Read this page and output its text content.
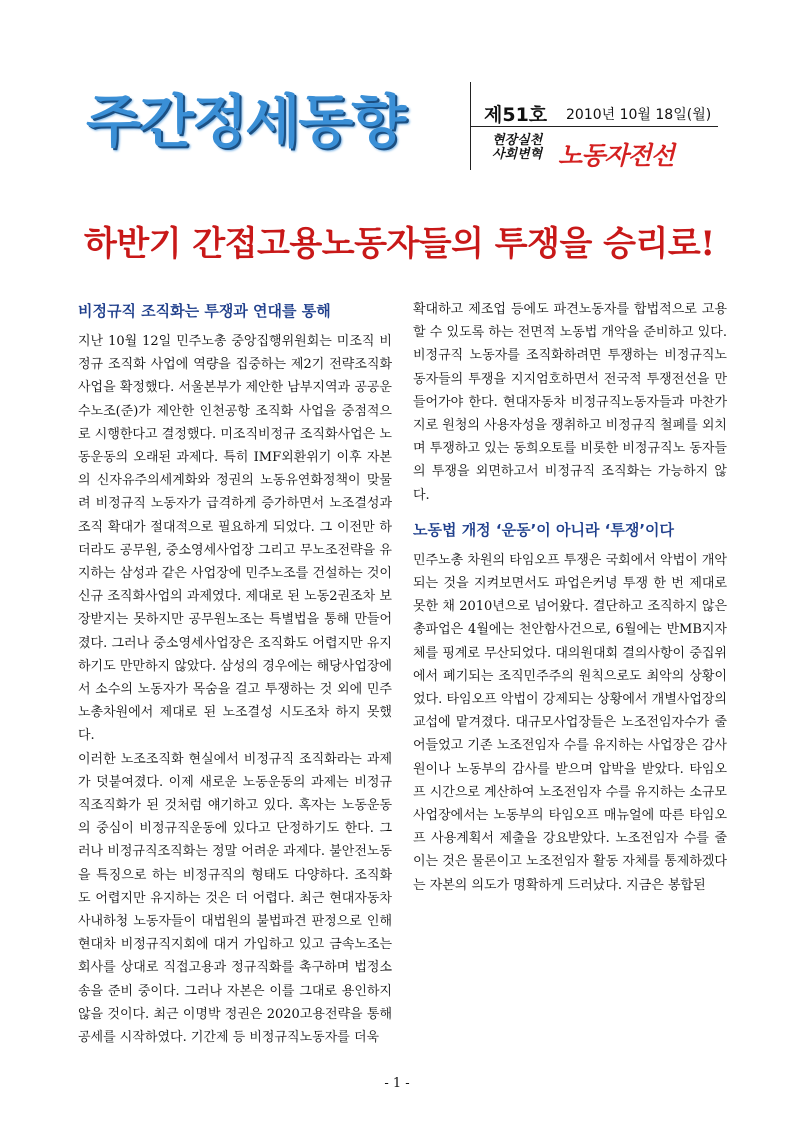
주간정세동향	제51호 2010년 10월 18일(월)
현장실천
사회변혁 노동자전선
하반기 간접고용노동자들의 투쟁을 승리로!
비정규직 조직화는 투쟁과 연대를 통해

지난 10월 12일 민주노총 중앙집행위원회는 미조직 비정규 조직화 사업에 역량을 집중하는 제2기 전략조직화사업을 확정했다. 서울본부가 제안한 남부지역과 공공운수노조(준)가 제안한 인천공항 조직화 사업을 중점적으로 시행한다고 결정했다. 미조직비정규 조직화사업은 노동운동의 오래된 과제다. 특히 IMF외환위기 이후 자본의 신자유주의세계화와 정권의 노동유연화정책이 맞물려 비정규직 노동자가 급격하게 증가하면서 노조결성과 조직 확대가 절대적으로 필요하게 되었다. 그 이전만 하더라도 공무원, 중소영세사업장 그리고 무노조전략을 유지하는 삼성과 같은 사업장에 민주노조를 건설하는 것이 신규 조직화사업의 과제였다. 제대로 된 노동2권조차 보장받지는 못하지만 공무원노조는 특별법을 통해 만들어졌다. 그러나 중소영세사업장은 조직화도 어렵지만 유지하기도 만만하지 않았다. 삼성의 경우에는 해당사업장에서 소수의 노동자가 목숨을 걸고 투쟁하는 것 외에 민주노총차원에서 제대로 된 노조결성 시도조차 하지 못했다.

이러한 노조조직화 현실에서 비정규직 조직화라는 과제가 덧붙여졌다. 이제 새로운 노동운동의 과제는 비정규직조직화가 된 것처럼 얘기하고 있다. 혹자는 노동운동의 중심이 비정규직운동에 있다고 단정하기도 한다. 그러나 비정규직조직화는 정말 어려운 과제다. 불안전노동을 특징으로 하는 비정규직의 형태도 다양하다. 조직화도 어렵지만 유지하는 것은 더 어렵다. 최근 현대자동차 사내하청 노동자들이 대법원의 불법파견 판정으로 인해 현대차 비정규직지회에 대거 가입하고 있고 금속노조는 회사를 상대로 직접고용과 정규직화를 촉구하며 법정소송을 준비 중이다. 그러나 자본은 이를 그대로 용인하지 않을 것이다. 최근 이명박 정권은 2020고용전략을 통해 공세를 시작하였다. 기간제 등 비정규직노동자를 더욱

확대하고 제조업 등에도 파견노동자를 합법적으로 고용할 수 있도록 하는 전면적 노동법 개악을 준비하고 있다. 비정규직 노동자를 조직화하려면 투쟁하는 비정규직노동자들의 투쟁을 지지엄호하면서 전국적 투쟁전선을 만들어가야 한다. 현대자동차 비정규직노동자들과 마찬가지로 원청의 사용자성을 쟁취하고 비정규직 철폐를 외치며 투쟁하고 있는 동희오토를 비롯한 비정규직노 동자들의 투쟁을 외면하고서 비정규직 조직화는 가능하지 않다.

노동법 개정 ‘운동’이 아니라 ‘투쟁’이다

민주노총 차원의 타임오프 투쟁은 국회에서 악법이 개악되는 것을 지켜보면서도 파업은커녕 투쟁 한 번 제대로 못한 채 2010년으로 넘어왔다. 결단하고 조직하지 않은 총파업은 4월에는 천안함사건으로, 6월에는 반MB지자체를 핑계로 무산되었다. 대의원대회 결의사항이 중집위에서 폐기되는 조직민주주의 원칙으로도 최악의 상황이었다. 타임오프 악법이 강제되는 상황에서 개별사업장의 교섭에 맡겨졌다. 대규모사업장들은 노조전임자수가 줄어들었고 기존 노조전임자 수를 유지하는 사업장은 감사원이나 노동부의 감사를 받으며 압박을 받았다. 타임오프 시간으로 계산하여 노조전임자 수를 유지하는 소규모 사업장에서는 노동부의 타임오프 매뉴얼에 따른 타임오프 사용계획서 제출을 강요받았다. 노조전임자 수를 줄이는 것은 물론이고 노조전임자 활동 자체를 통제하겠다는 자본의 의도가 명확하게 드러났다. 지금은 봉합된

- 1 -
